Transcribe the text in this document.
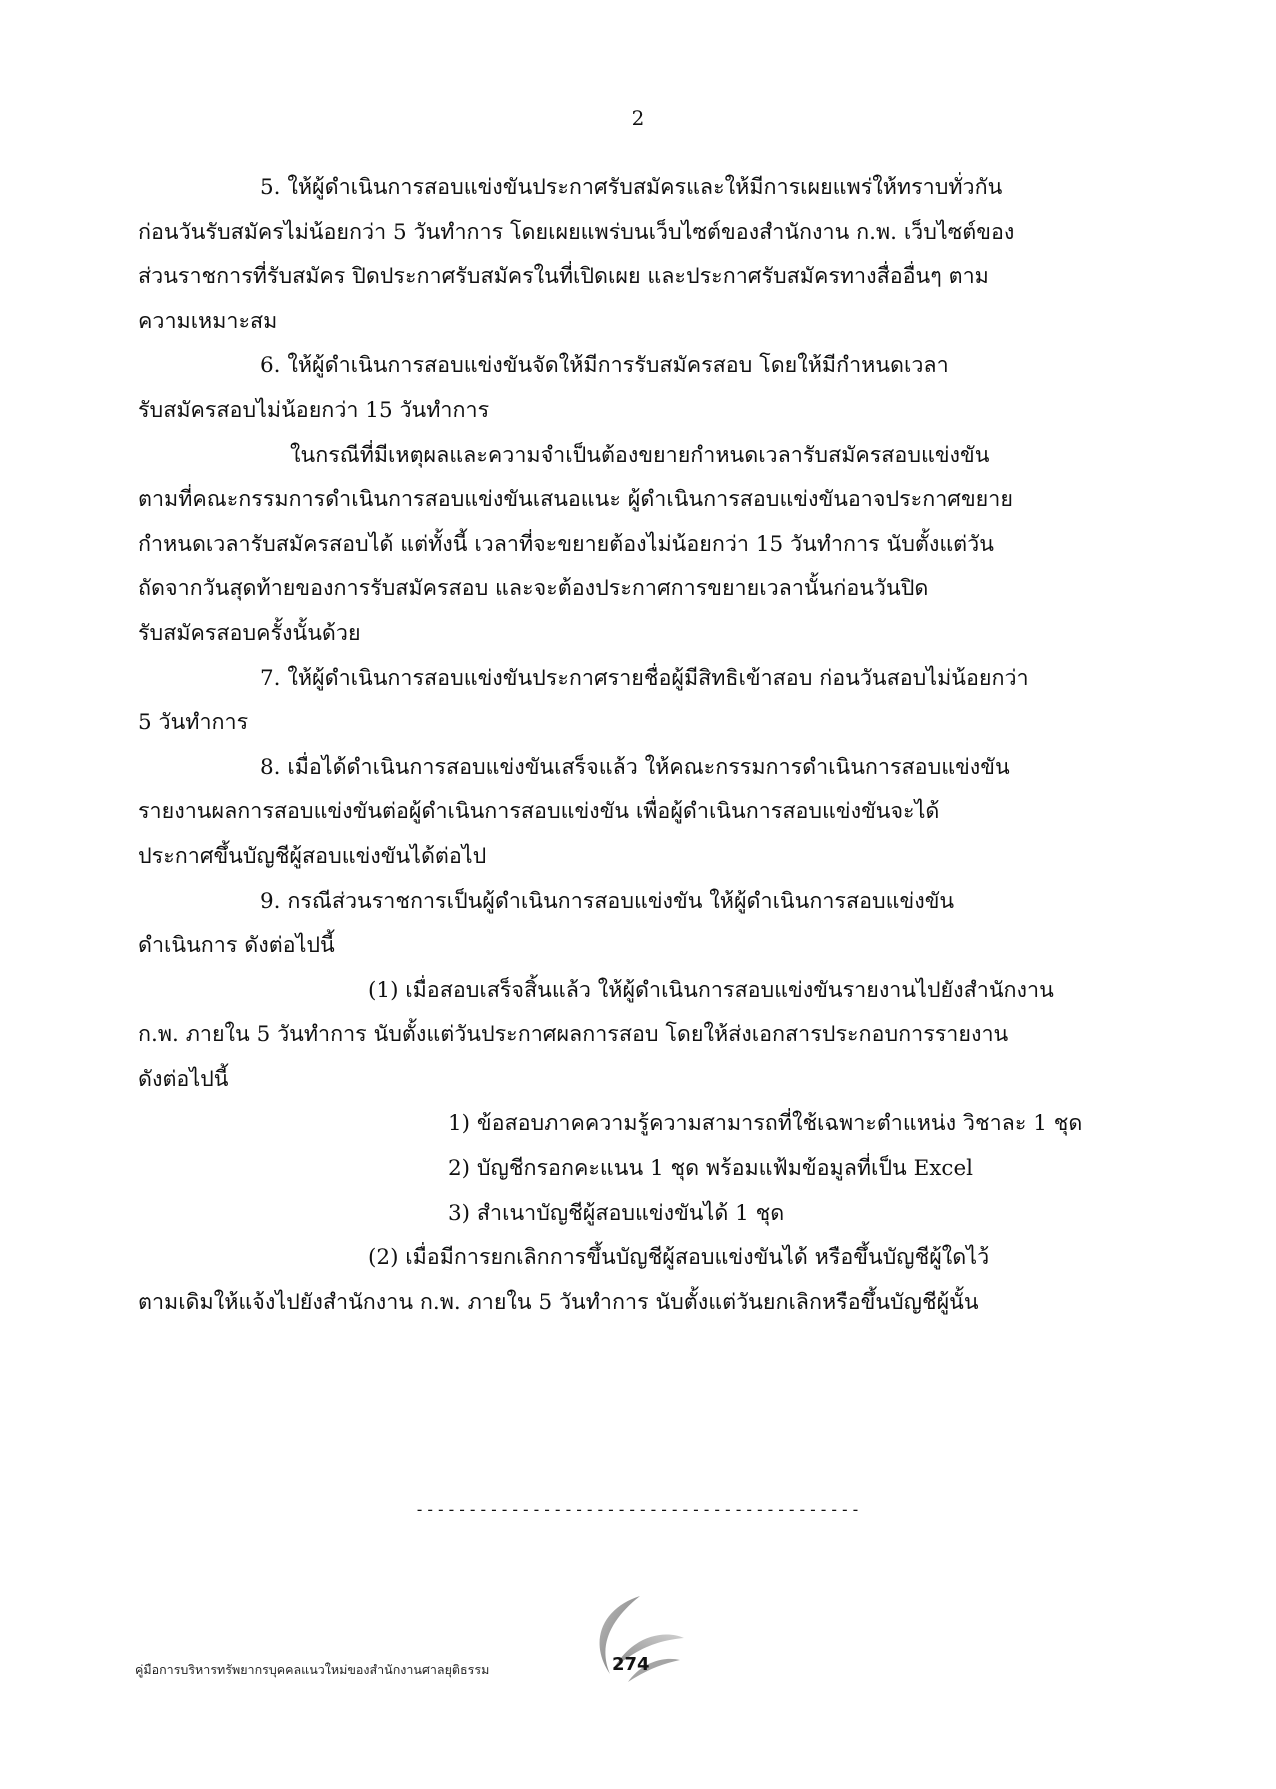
2

5. ให้ผู้ดำเนินการสอบแข่งขันประกาศรับสมัครและให้มีการเผยแพร่ให้ทราบทั่วกัน
ก่อนวันรับสมัครไม่น้อยกว่า 5 วันทำการ โดยเผยแพร่บนเว็บไซต์ของสำนักงาน ก.พ. เว็บไซต์ของ
ส่วนราชการที่รับสมัคร ปิดประกาศรับสมัครในที่เปิดเผย และประกาศรับสมัครทางสื่ออื่นๆ ตาม
ความเหมาะสม

6. ให้ผู้ดำเนินการสอบแข่งขันจัดให้มีการรับสมัครสอบ โดยให้มีกำหนดเวลา
รับสมัครสอบไม่น้อยกว่า 15 วันทำการ

ในกรณีที่มีเหตุผลและความจำเป็นต้องขยายกำหนดเวลารับสมัครสอบแข่งขัน
ตามที่คณะกรรมการดำเนินการสอบแข่งขันเสนอแนะ ผู้ดำเนินการสอบแข่งขันอาจประกาศขยาย
กำหนดเวลารับสมัครสอบได้ แต่ทั้งนี้ เวลาที่จะขยายต้องไม่น้อยกว่า 15 วันทำการ นับตั้งแต่วัน
ถัดจากวันสุดท้ายของการรับสมัครสอบ และจะต้องประกาศการขยายเวลานั้นก่อนวันปิด
รับสมัครสอบครั้งนั้นด้วย

7. ให้ผู้ดำเนินการสอบแข่งขันประกาศรายชื่อผู้มีสิทธิเข้าสอบ ก่อนวันสอบไม่น้อยกว่า
5 วันทำการ

8. เมื่อได้ดำเนินการสอบแข่งขันเสร็จแล้ว ให้คณะกรรมการดำเนินการสอบแข่งขัน
รายงานผลการสอบแข่งขันต่อผู้ดำเนินการสอบแข่งขัน เพื่อผู้ดำเนินการสอบแข่งขันจะได้
ประกาศขึ้นบัญชีผู้สอบแข่งขันได้ต่อไป

9. กรณีส่วนราชการเป็นผู้ดำเนินการสอบแข่งขัน ให้ผู้ดำเนินการสอบแข่งขัน
ดำเนินการ ดังต่อไปนี้

(1) เมื่อสอบเสร็จสิ้นแล้ว ให้ผู้ดำเนินการสอบแข่งขันรายงานไปยังสำนักงาน
ก.พ. ภายใน 5 วันทำการ นับตั้งแต่วันประกาศผลการสอบ โดยให้ส่งเอกสารประกอบการรายงาน
ดังต่อไปนี้

1) ข้อสอบภาคความรู้ความสามารถที่ใช้เฉพาะตำแหน่ง วิชาละ 1 ชุด
2) บัญชีกรอกคะแนน 1 ชุด พร้อมแฟ้มข้อมูลที่เป็น Excel
3) สำเนาบัญชีผู้สอบแข่งขันได้ 1 ชุด

(2) เมื่อมีการยกเลิกการขึ้นบัญชีผู้สอบแข่งขันได้ หรือขึ้นบัญชีผู้ใดไว้
ตามเดิมให้แจ้งไปยังสำนักงาน ก.พ. ภายใน 5 วันทำการ นับตั้งแต่วันยกเลิกหรือขึ้นบัญชีผู้นั้น

------------------------------------------
คู่มือการบริหารทรัพยากรบุคคลแนวใหม่ของสำนักงานศาลยุติธรรม	274
